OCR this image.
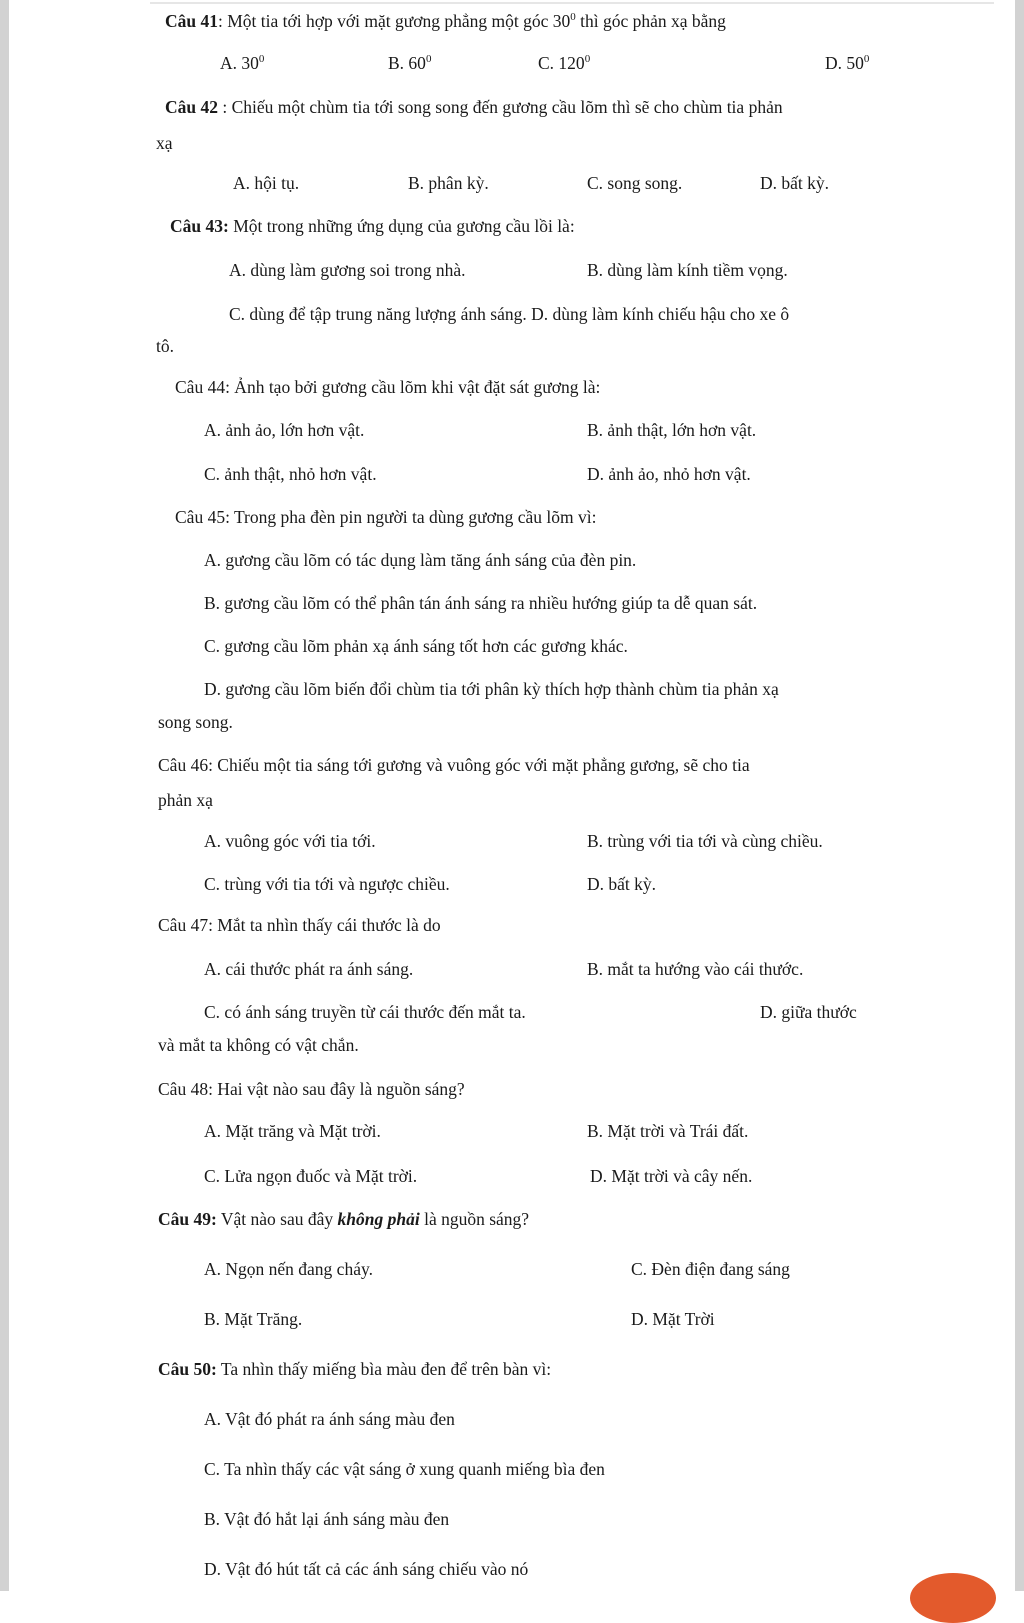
Câu 41: Một tia tới hợp với mặt gương phẳng một góc $30^0$ thì góc phản xạ bằng
A. $30^0$	B. $60^0$	C. $120^0$	D. $50^0$
Câu 42 : Chiếu một chùm tia tới song song đến gương cầu lõm thì sẽ cho chùm tia phản
xạ
A. hội tụ.	B. phân kỳ.	C. song song.	D. bất kỳ.
Câu 43: Một trong những ứng dụng của gương cầu lồi là:
A. dùng làm gương soi trong nhà.	B. dùng làm kính tiềm vọng.
C. dùng để tập trung năng lượng ánh sáng. D. dùng làm kính chiếu hậu cho xe ô
tô.
Câu 44: Ảnh tạo bởi gương cầu lõm khi vật đặt sát gương là:
A. ảnh ảo, lớn hơn vật.	B. ảnh thật, lớn hơn vật.
C. ảnh thật, nhỏ hơn vật.	D. ảnh ảo, nhỏ hơn vật.
Câu 45: Trong pha đèn pin người ta dùng gương cầu lõm vì:
A. gương cầu lõm có tác dụng làm tăng ánh sáng của đèn pin.
B. gương cầu lõm có thể phân tán ánh sáng ra nhiều hướng giúp ta dễ quan sát.
C. gương cầu lõm phản xạ ánh sáng tốt hơn các gương khác.
D. gương cầu lõm biến đổi chùm tia tới phân kỳ thích hợp thành chùm tia phản xạ
song song.
Câu 46: Chiếu một tia sáng tới gương và vuông góc với mặt phẳng gương, sẽ cho tia
phản xạ
A. vuông góc với tia tới.	B. trùng với tia tới và cùng chiều.
C. trùng với tia tới và ngược chiều.	D. bất kỳ.
Câu 47: Mắt ta nhìn thấy cái thước là do
A. cái thước phát ra ánh sáng.	B. mắt ta hướng vào cái thước.
C. có ánh sáng truyền từ cái thước đến mắt ta.	D. giữa thước
và mắt ta không có vật chắn.
Câu 48: Hai vật nào sau đây là nguồn sáng?
A. Mặt trăng và Mặt trời.	B. Mặt trời và Trái đất.
C. Lửa ngọn đuốc và Mặt trời.	D. Mặt trời và cây nến.
Câu 49: Vật nào sau đây không phải là nguồn sáng?
A. Ngọn nến đang cháy.	C. Đèn điện đang sáng
B. Mặt Trăng.	D. Mặt Trời
Câu 50: Ta nhìn thấy miếng bìa màu đen để trên bàn vì:
A. Vật đó phát ra ánh sáng màu đen
C. Ta nhìn thấy các vật sáng ở xung quanh miếng bìa đen
B. Vật đó hắt lại ánh sáng màu đen
D. Vật đó hút tất cả các ánh sáng chiếu vào nó
